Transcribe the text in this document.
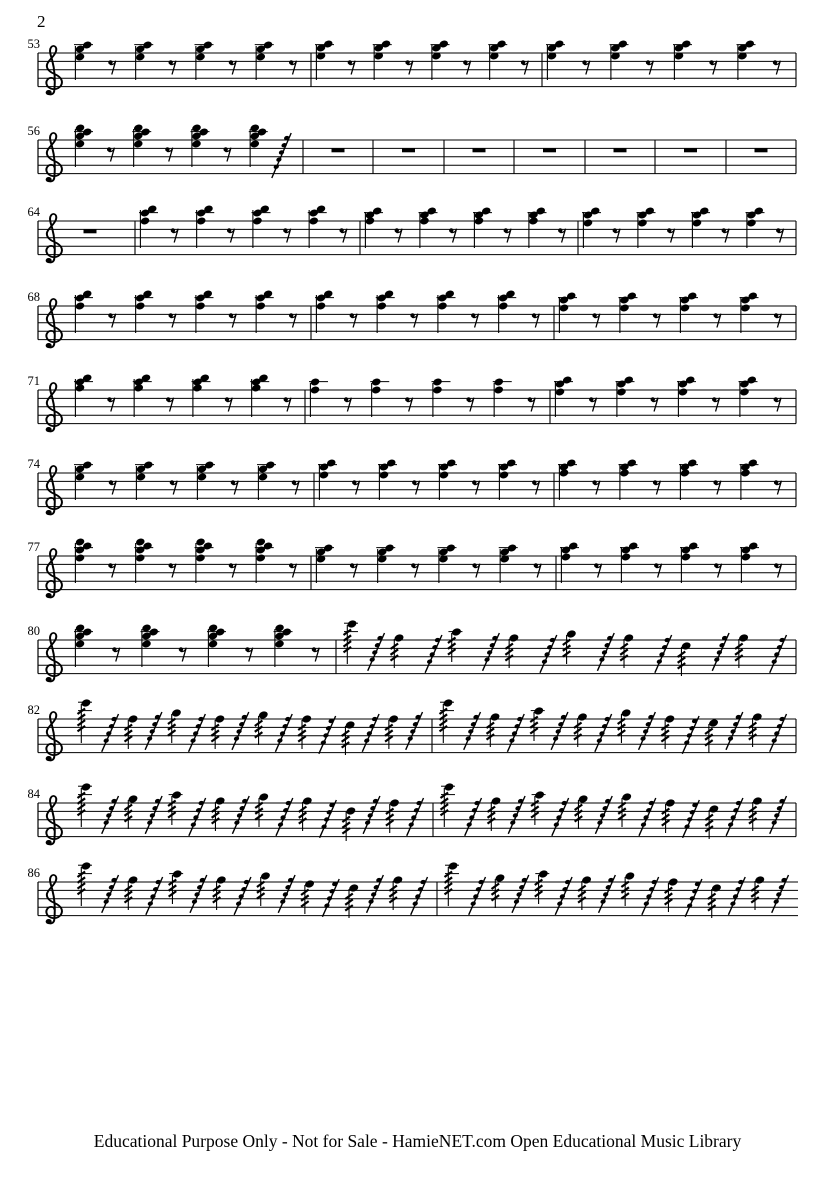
2
53
56
64
68
71
74
77
80
82
84
86
Educational Purpose Only - Not for Sale - HamieNET.com Open Educational Music Library
